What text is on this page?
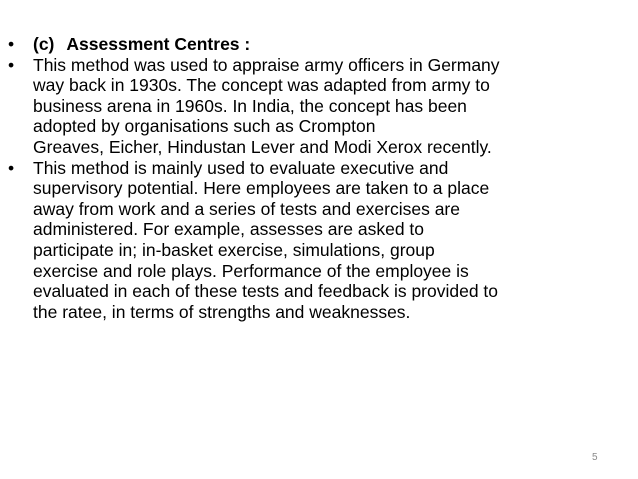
•	(c) Assessment Centres :
•	This method was used to appraise army officers in Germany
way back in 1930s. The concept was adapted from army to
business arena in 1960s. In India, the concept has been
adopted by organisations such as Crompton
Greaves, Eicher, Hindustan Lever and Modi Xerox recently.
•	This method is mainly used to evaluate executive and
supervisory potential. Here employees are taken to a place
away from work and a series of tests and exercises are
administered. For example, assesses are asked to
participate in; in-basket exercise, simulations, group
exercise and role plays. Performance of the employee is
evaluated in each of these tests and feedback is provided to
the ratee, in terms of strengths and weaknesses.
5
